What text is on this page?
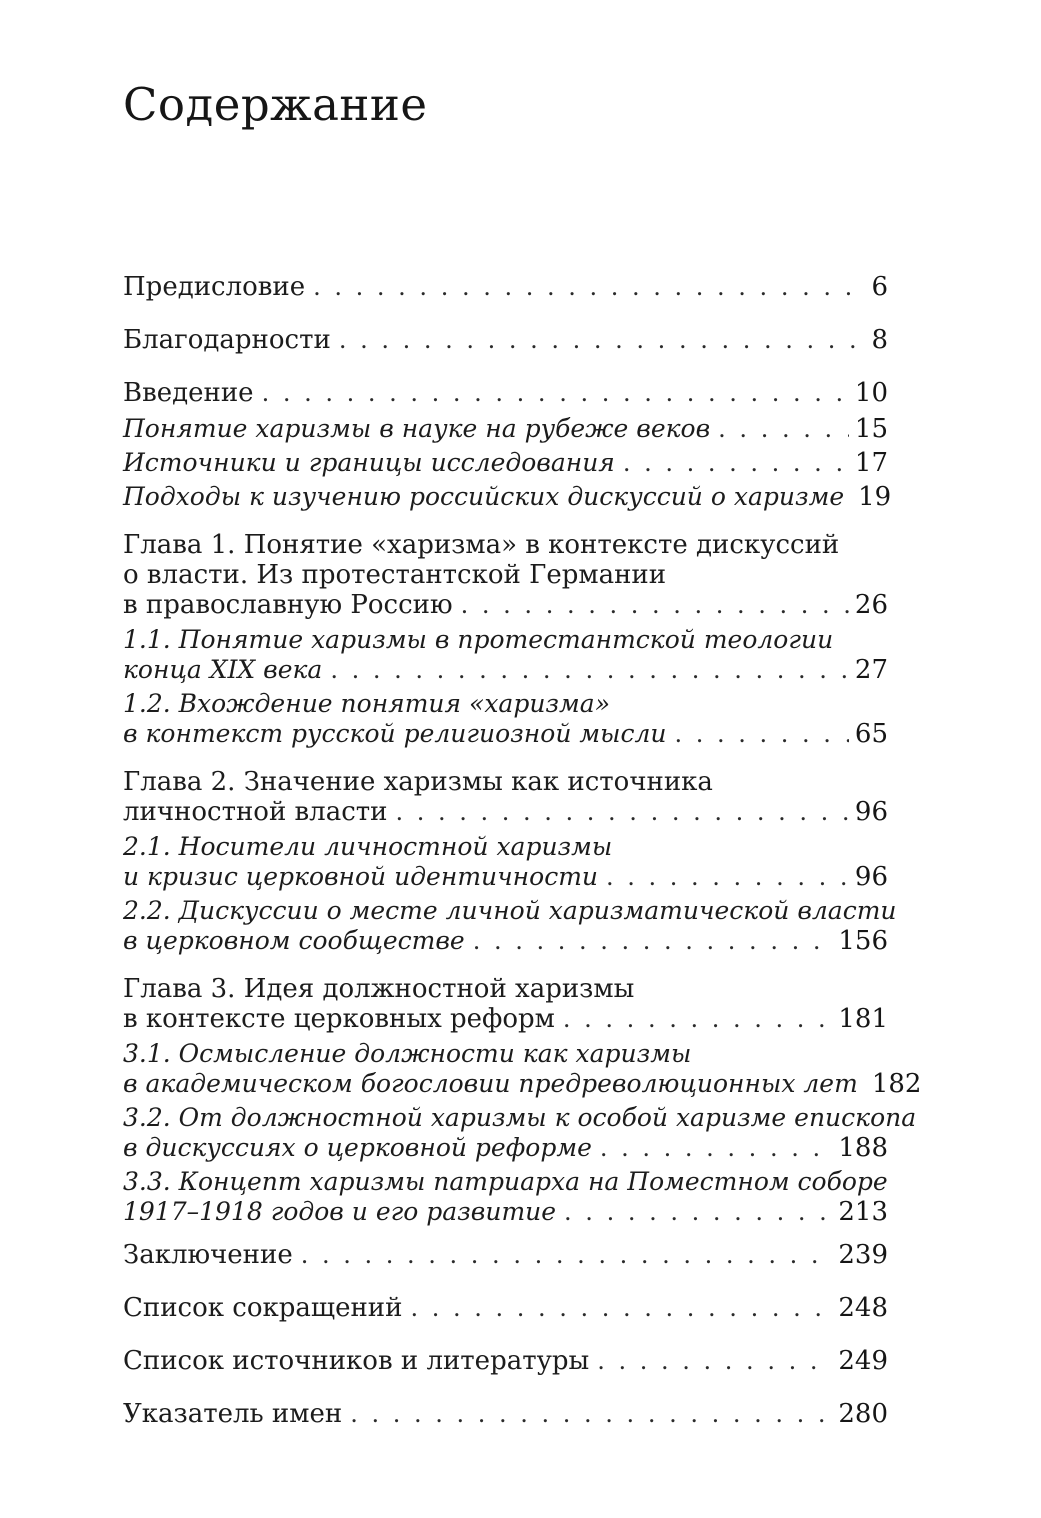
Содержание
Предисловие . . .	6
Благодарности . . .	8
Введение . . .	10
Понятие харизмы в науке на рубеже веков . . .	15
Источники и границы исследования . . .	17
Подходы к изучению российских дискуссий о харизме 19
Глава 1. Понятие «харизма» в контексте дискуссий
о власти. Из протестантской Германии
в православную Россию . . .	26
1.1. Понятие харизмы в протестантской теологии
конца XIX века . . .	27
1.2. Вхождение понятия «харизма»
в контекст русской религиозной мысли . . .	65
Глава 2. Значение харизмы как источника
личностной власти . . .	96
2.1. Носители личностной харизмы
и кризис церковной идентичности . . .	96
2.2. Дискуссии о месте личной харизматической власти
в церковном сообществе . . .	156
Глава 3. Идея должностной харизмы
в контексте церковных реформ . . .	181
3.1. Осмысление должности как харизмы
в академическом богословии предреволюционных лет 182
3.2. От должностной харизмы к особой харизме епископа
в дискуссиях о церковной реформе . . .	188
3.3. Концепт харизмы патриарха на Поместном соборе
1917–1918 годов и его развитие . . .	213
Заключение . . .	239
Список сокращений . . .	248
Список источников и литературы . . .	249
Указатель имен . . .	280
